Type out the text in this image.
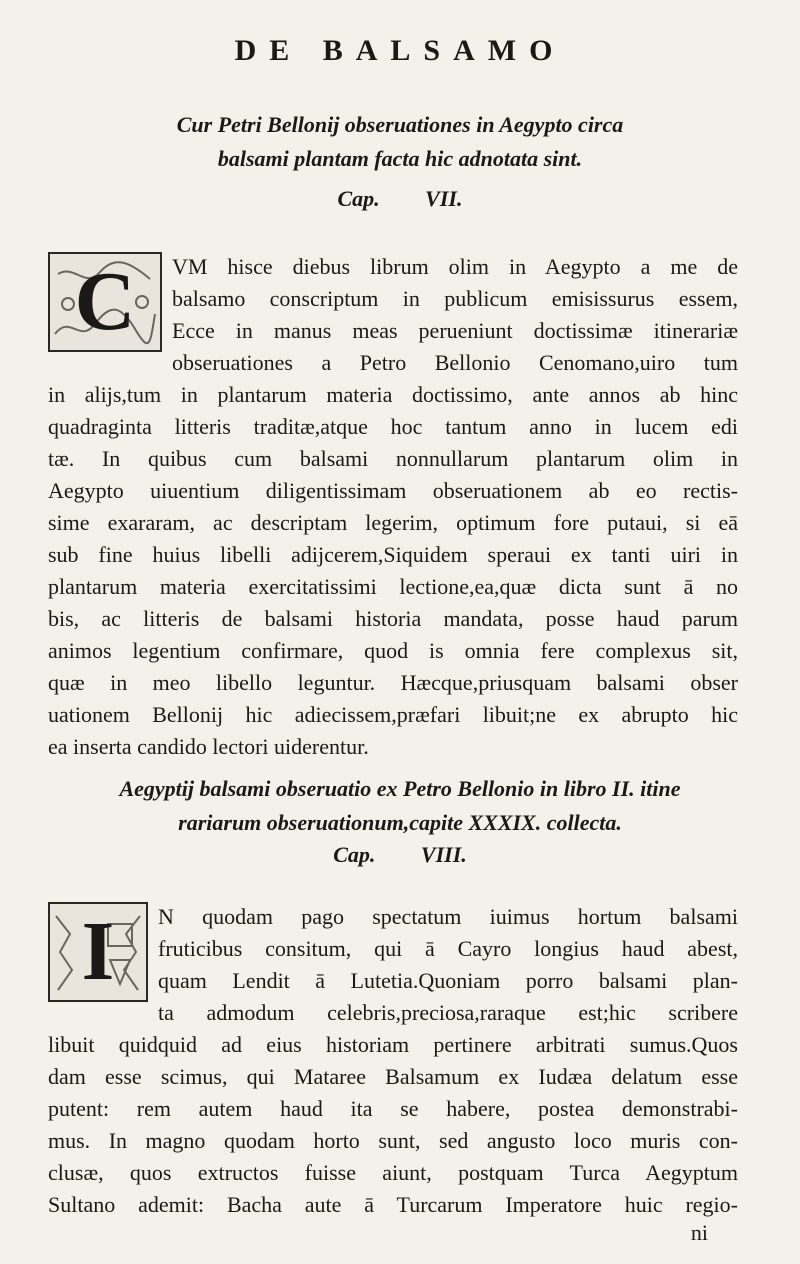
DE BALSAMO
Cur Petri Bellonij obseruationes in Aegypto circa
balsami plantam facta hic adnotata sint.
Cap. VII.
C	VM hisce diebus librum olim in Aegypto a me de
balsamo conscriptum in publicum emisissurus essem,
Ecce in manus meas perueniunt doctissimæ itinerariæ
obseruationes a Petro Bellonio Cenomano,uiro tum
in alijs,tum in plantarum materia doctissimo, ante annos ab hinc
quadraginta litteris traditæ,atque hoc tantum anno in lucem edi
tæ. In quibus cum balsami nonnullarum plantarum olim in
Aegypto uiuentium diligentissimam obseruationem ab eo rectis-
sime exararam, ac descriptam legerim, optimum fore putaui, si eā
sub fine huius libelli adijcerem,Siquidem speraui ex tanti uiri in
plantarum materia exercitatissimi lectione,ea,quæ dicta sunt ā no
bis, ac litteris de balsami historia mandata, posse haud parum
animos legentium confirmare, quod is omnia fere complexus sit,
quæ in meo libello leguntur. Hæcque,priusquam balsami obser
uationem Bellonij hic adiecissem,præfari libuit;ne ex abrupto hic
ea inserta candido lectori uiderentur.
Aegyptij balsami obseruatio ex Petro Bellonio in libro II. itine
rariarum obseruationum,capite XXXIX. collecta.
Cap. VIII.
I	N quodam pago spectatum iuimus hortum balsami
fruticibus consitum, qui ā Cayro longius haud abest,
quam Lendit ā Lutetia.Quoniam porro balsami plan-
ta admodum celebris,preciosa,raraque est;hic scribere
libuit quidquid ad eius historiam pertinere arbitrati sumus.Quos
dam esse scimus, qui Mataree Balsamum ex Iudæa delatum esse
putent: rem autem haud ita se habere, postea demonstrabi-
mus. In magno quodam horto sunt, sed angusto loco muris con-
clusæ, quos extructos fuisse aiunt, postquam Turca Aegyptum
Sultano ademit: Bacha aute ā Turcarum Imperatore huic regio-
ni
